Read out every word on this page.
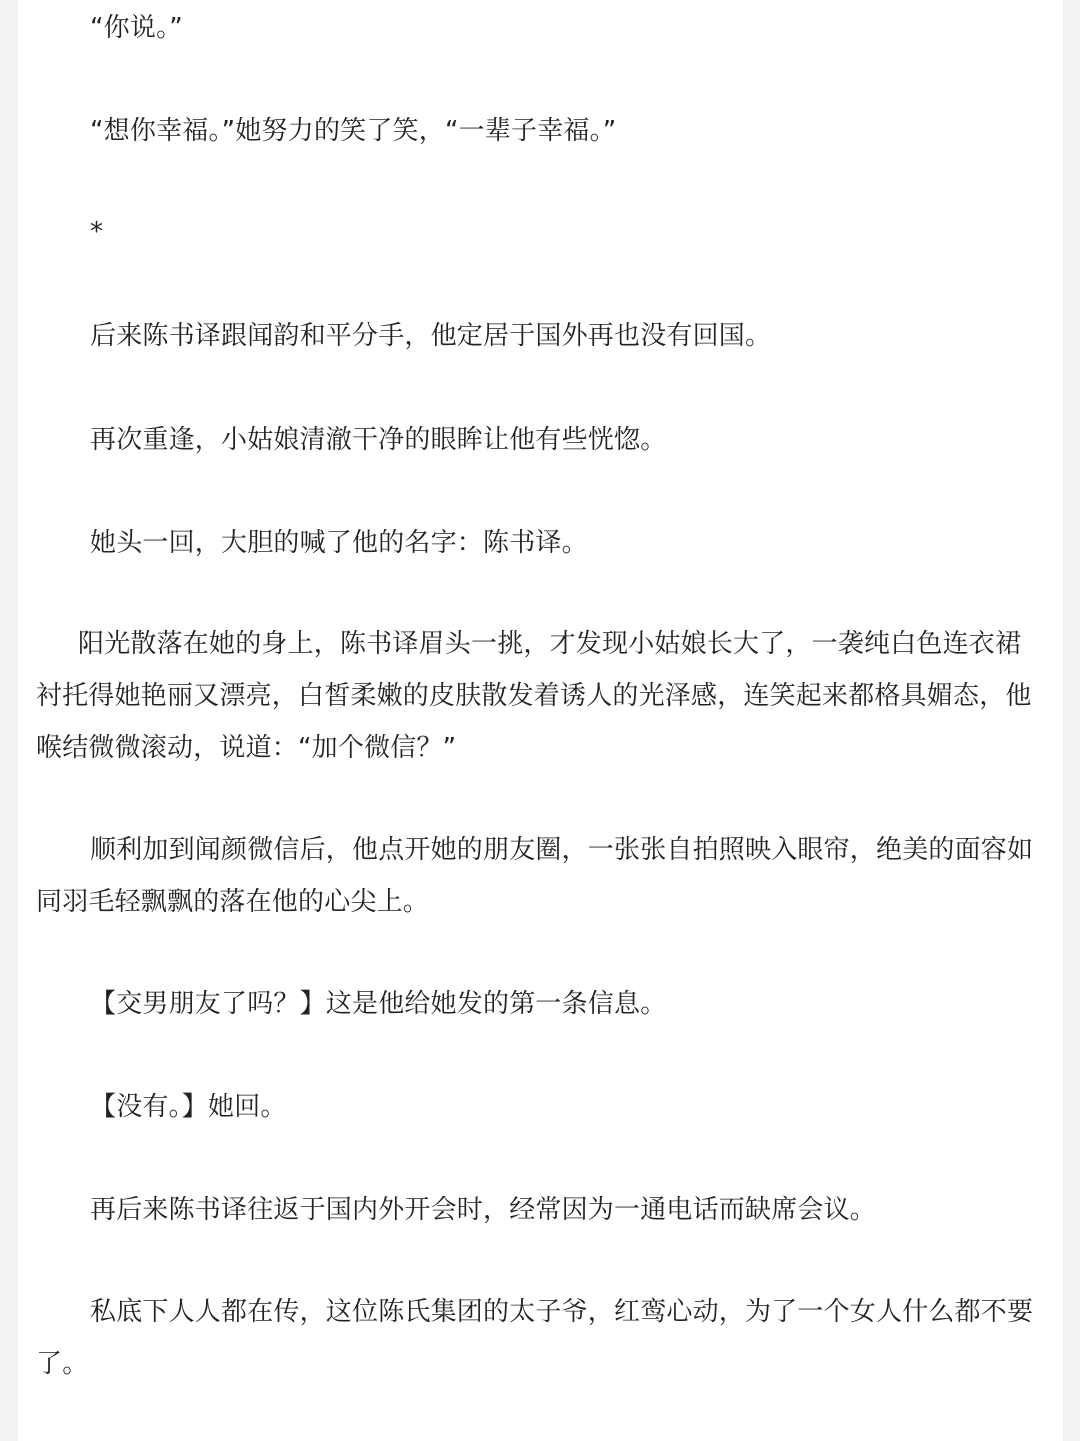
“你说。”

“想你幸福。”她努力的笑了笑，“一辈子幸福。”

*

后来陈书译跟闻韵和平分手，他定居于国外再也没有回国。

再次重逢，小姑娘清澈干净的眼眸让他有些恍惚。

她头一回，大胆的喊了他的名字：陈书译。

阳光散落在她的身上，陈书译眉头一挑，才发现小姑娘长大了，一袭纯白色连衣裙衬托得她艳丽又漂亮，白皙柔嫩的皮肤散发着诱人的光泽感，连笑起来都格具媚态，他喉结微微滚动，说道：“加个微信？”

顺利加到闻颜微信后，他点开她的朋友圈，一张张自拍照映入眼帘，绝美的面容如同羽毛轻飘飘的落在他的心尖上。

【交男朋友了吗？】这是他给她发的第一条信息。

【没有。】她回。

再后来陈书译往返于国内外开会时，经常因为一通电话而缺席会议。

私底下人人都在传，这位陈氏集团的太子爷，红鸾心动，为了一个女人什么都不要了。
